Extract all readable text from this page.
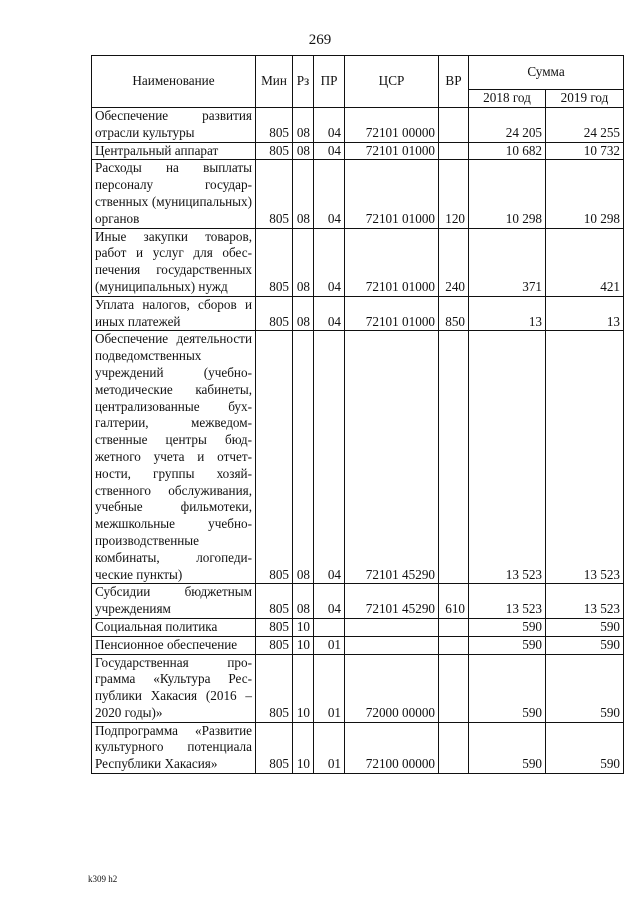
269
Наименование	Мин	Рз	ПР	ЦСР	ВР	Сумма	
						2018 год	2019 год
Обеспечение развития отрасли культуры	805	08	04	72101 00000		24 205	24 255
Центральный аппарат	805	08	04	72101 01000		10 682	10 732
Расходы на выплаты персоналу государственных (муниципальных) органов	805	08	04	72101 01000	120	10 298	10 298
Иные закупки товаров, работ и услуг для обеспечения государственных (муниципальных) нужд	805	08	04	72101 01000	240	371	421
Уплата налогов, сборов и иных платежей	805	08	04	72101 01000	850	13	13
Обеспечение деятельности подведомственных учреждений (учебнометодические кабинеты, централизованные бухгалтерии, межведомственные центры бюджетного учета и отчетности, группы хозяйственного обслуживания, учебные фильмотеки, межшкольные учебно-производственные комбинаты, логопедические пункты)	805	08	04	72101 45290		13 523	13 523
Субсидии бюджетным учреждениям	805	08	04	72101 45290	610	13 523	13 523
Социальная политика	805	10				590	590
Пенсионное обеспечение	805	10	01			590	590
Государственная программа «Культура Республики Хакасия (2016 – 2020 годы)»	805	10	01	72000 00000		590	590
Подпрограмма «Развитие культурного потенциала Республики Хакасия»	805	10	01	72100 00000		590	590
k309 h2
